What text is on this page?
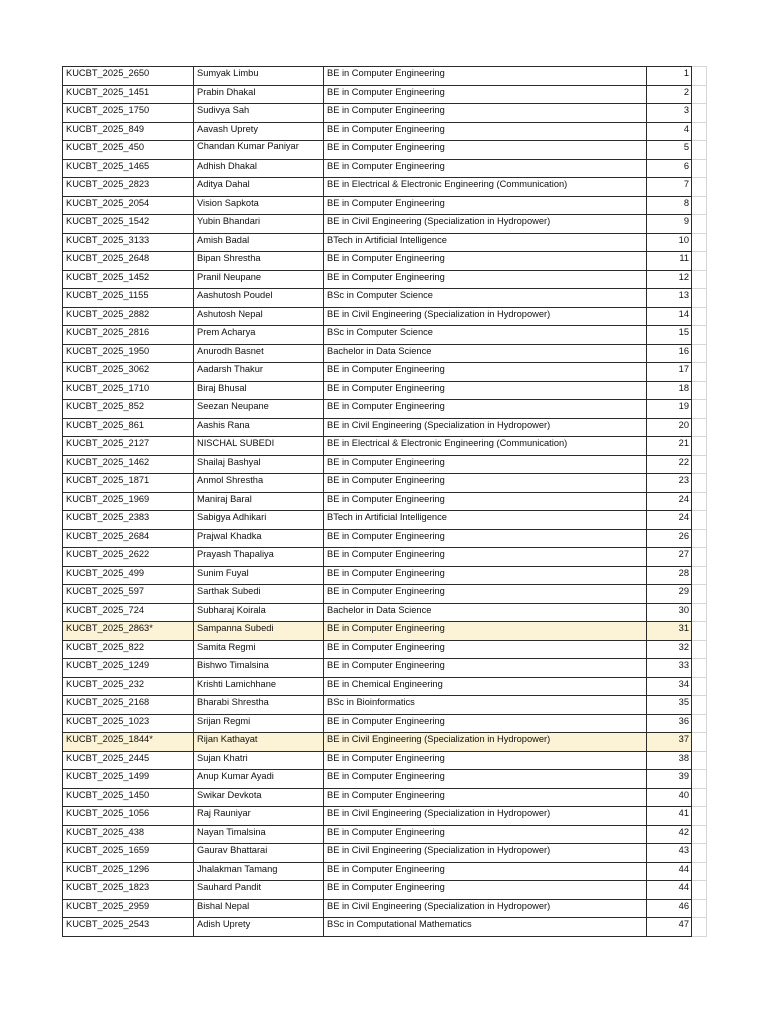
KUCBT_2025_2650	Sumyak Limbu	BE in Computer Engineering	1	
KUCBT_2025_1451	Prabin Dhakal	BE in Computer Engineering	2	
KUCBT_2025_1750	Sudivya Sah	BE in Computer Engineering	3	
KUCBT_2025_849	Aavash Uprety	BE in Computer Engineering	4	
KUCBT_2025_450	Chandan Kumar Paniyar	BE in Computer Engineering	5	
KUCBT_2025_1465	Adhish Dhakal	BE in Computer Engineering	6	
KUCBT_2025_2823	Aditya Dahal	BE in Electrical & Electronic Engineering (Communication)	7	
KUCBT_2025_2054	Vision Sapkota	BE in Computer Engineering	8	
KUCBT_2025_1542	Yubin Bhandari	BE in Civil Engineering (Specialization in Hydropower)	9	
KUCBT_2025_3133	Amish Badal	BTech in Artificial Intelligence	10	
KUCBT_2025_2648	Bipan Shrestha	BE in Computer Engineering	11	
KUCBT_2025_1452	Pranil Neupane	BE in Computer Engineering	12	
KUCBT_2025_1155	Aashutosh Poudel	BSc in Computer Science	13	
KUCBT_2025_2882	Ashutosh Nepal	BE in Civil Engineering (Specialization in Hydropower)	14	
KUCBT_2025_2816	Prem Acharya	BSc in Computer Science	15	
KUCBT_2025_1950	Anurodh Basnet	Bachelor in Data Science	16	
KUCBT_2025_3062	Aadarsh Thakur	BE in Computer Engineering	17	
KUCBT_2025_1710	Biraj Bhusal	BE in Computer Engineering	18	
KUCBT_2025_852	Seezan Neupane	BE in Computer Engineering	19	
KUCBT_2025_861	Aashis Rana	BE in Civil Engineering (Specialization in Hydropower)	20	
KUCBT_2025_2127	NISCHAL SUBEDI	BE in Electrical & Electronic Engineering (Communication)	21	
KUCBT_2025_1462	Shailaj Bashyal	BE in Computer Engineering	22	
KUCBT_2025_1871	Anmol Shrestha	BE in Computer Engineering	23	
KUCBT_2025_1969	Maniraj Baral	BE in Computer Engineering	24	
KUCBT_2025_2383	Sabigya Adhikari	BTech in Artificial Intelligence	24	
KUCBT_2025_2684	Prajwal Khadka	BE in Computer Engineering	26	
KUCBT_2025_2622	Prayash Thapaliya	BE in Computer Engineering	27	
KUCBT_2025_499	Sunim Fuyal	BE in Computer Engineering	28	
KUCBT_2025_597	Sarthak Subedi	BE in Computer Engineering	29	
KUCBT_2025_724	Subharaj Koirala	Bachelor in Data Science	30	
KUCBT_2025_2863*	Sampanna Subedi	BE in Computer Engineering	31	
KUCBT_2025_822	Samita Regmi	BE in Computer Engineering	32	
KUCBT_2025_1249	Bishwo Timalsina	BE in Computer Engineering	33	
KUCBT_2025_232	Krishti Lamichhane	BE in Chemical Engineering	34	
KUCBT_2025_2168	Bharabi Shrestha	BSc in Bioinformatics	35	
KUCBT_2025_1023	Srijan Regmi	BE in Computer Engineering	36	
KUCBT_2025_1844*	Rijan Kathayat	BE in Civil Engineering (Specialization in Hydropower)	37	
KUCBT_2025_2445	Sujan Khatri	BE in Computer Engineering	38	
KUCBT_2025_1499	Anup Kumar Ayadi	BE in Computer Engineering	39	
KUCBT_2025_1450	Swikar Devkota	BE in Computer Engineering	40	
KUCBT_2025_1056	Raj Rauniyar	BE in Civil Engineering (Specialization in Hydropower)	41	
KUCBT_2025_438	Nayan Timalsina	BE in Computer Engineering	42	
KUCBT_2025_1659	Gaurav Bhattarai	BE in Civil Engineering (Specialization in Hydropower)	43	
KUCBT_2025_1296	Jhalakman Tamang	BE in Computer Engineering	44	
KUCBT_2025_1823	Sauhard Pandit	BE in Computer Engineering	44	
KUCBT_2025_2959	Bishal Nepal	BE in Civil Engineering (Specialization in Hydropower)	46	
KUCBT_2025_2543	Adish Uprety	BSc in Computational Mathematics	47	
